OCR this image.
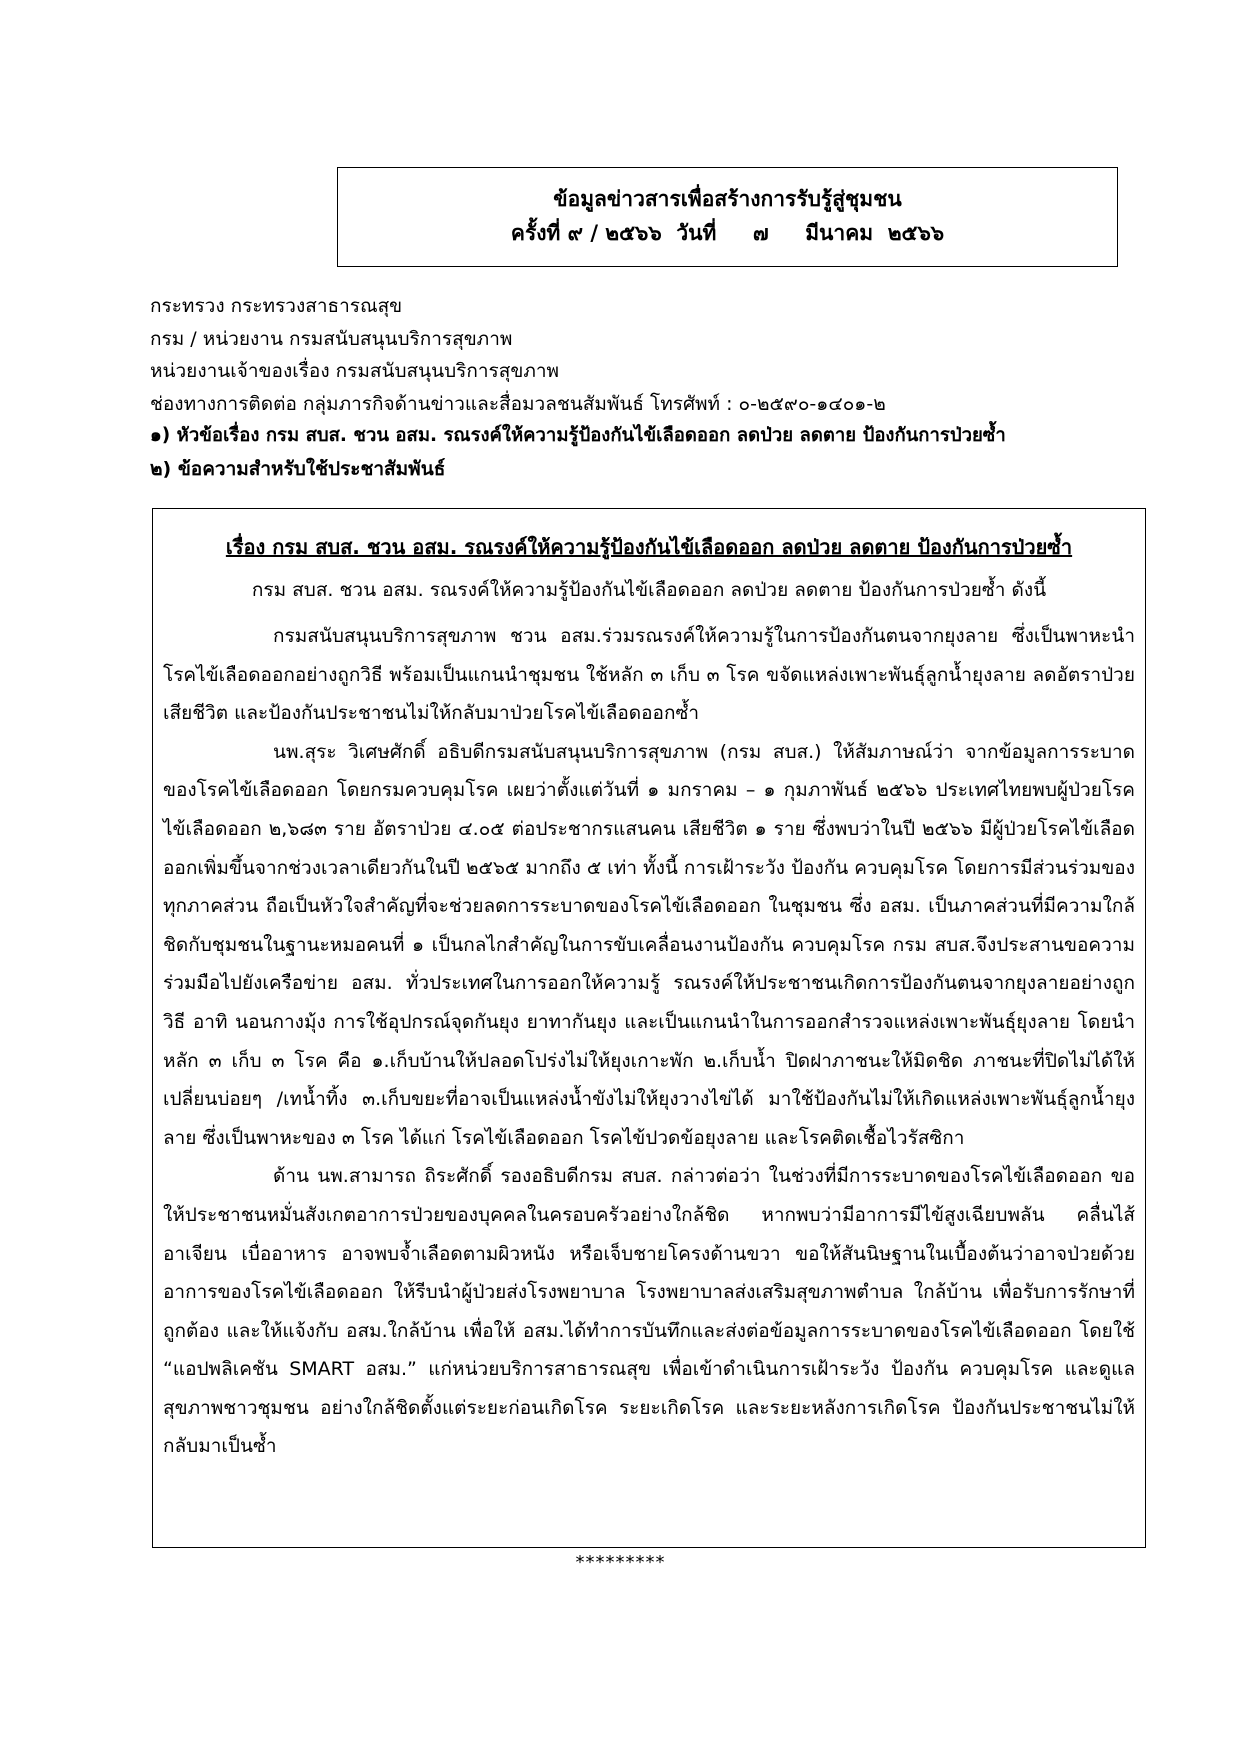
ข้อมูลข่าวสารเพื่อสร้างการรับรู้สู่ชุมชน
ครั้งที่ ๙ / ๒๕๖๖  วันที่     ๗     มีนาคม  ๒๕๖๖
กระทรวง กระทรวงสาธารณสุข
กรม / หน่วยงาน กรมสนับสนุนบริการสุขภาพ
หน่วยงานเจ้าของเรื่อง กรมสนับสนุนบริการสุขภาพ
ช่องทางการติดต่อ กลุ่มภารกิจด้านข่าวและสื่อมวลชนสัมพันธ์ โทรศัพท์ : ๐-๒๕๙๐-๑๔๐๑-๒
๑) หัวข้อเรื่อง กรม สบส. ชวน อสม. รณรงค์ให้ความรู้ป้องกันไข้เลือดออก ลดป่วย ลดตาย ป้องกันการป่วยซ้ำ
๒) ข้อความสำหรับใช้ประชาสัมพันธ์
เรื่อง กรม สบส. ชวน อสม. รณรงค์ให้ความรู้ป้องกันไข้เลือดออก ลดป่วย ลดตาย ป้องกันการป่วยซ้ำ
กรม สบส. ชวน อสม. รณรงค์ให้ความรู้ป้องกันไข้เลือดออก ลดป่วย ลดตาย ป้องกันการป่วยซ้ำ ดังนี้

กรมสนับสนุนบริการสุขภาพ ชวน อสม.ร่วมรณรงค์ให้ความรู้ในการป้องกันตนจากยุงลาย ซึ่งเป็นพาหะนำโรคไข้เลือดออกอย่างถูกวิธี พร้อมเป็นแกนนำชุมชน ใช้หลัก ๓ เก็บ ๓ โรค ขจัดแหล่งเพาะพันธุ์ลูกน้ำยุงลาย ลดอัตราป่วย เสียชีวิต และป้องกันประชาชนไม่ให้กลับมาป่วยโรคไข้เลือดออกซ้ำ

นพ.สุระ วิเศษศักดิ์ อธิบดีกรมสนับสนุนบริการสุขภาพ (กรม สบส.) ให้สัมภาษณ์ว่า จากข้อมูลการระบาดของโรคไข้เลือดออก โดยกรมควบคุมโรค เผยว่าตั้งแต่วันที่ ๑ มกราคม – ๑ กุมภาพันธ์ ๒๕๖๖ ประเทศไทยพบผู้ป่วยโรคไข้เลือดออก ๒,๖๘๓ ราย อัตราป่วย ๔.๐๕ ต่อประชากรแสนคน เสียชีวิต ๑ ราย ซึ่งพบว่าในปี ๒๕๖๖ มีผู้ป่วยโรคไข้เลือดออกเพิ่มขึ้นจากช่วงเวลาเดียวกันในปี ๒๕๖๕ มากถึง ๕ เท่า ทั้งนี้ การเฝ้าระวัง ป้องกัน ควบคุมโรค โดยการมีส่วนร่วมของทุกภาคส่วน ถือเป็นหัวใจสำคัญที่จะช่วยลดการระบาดของโรคไข้เลือดออก ในชุมชน ซึ่ง อสม. เป็นภาคส่วนที่มีความใกล้ชิดกับชุมชนในฐานะหมอคนที่ ๑ เป็นกลไกสำคัญในการขับเคลื่อนงานป้องกัน ควบคุมโรค กรม สบส.จึงประสานขอความร่วมมือไปยังเครือข่าย อสม. ทั่วประเทศในการออกให้ความรู้ รณรงค์ให้ประชาชนเกิดการป้องกันตนจากยุงลายอย่างถูกวิธี อาทิ นอนกางมุ้ง การใช้อุปกรณ์จุดกันยุง ยาทากันยุง และเป็นแกนนำในการออกสำรวจแหล่งเพาะพันธุ์ยุงลาย โดยนำหลัก ๓ เก็บ ๓ โรค คือ ๑.เก็บบ้านให้ปลอดโปร่งไม่ให้ยุงเกาะพัก ๒.เก็บน้ำ ปิดฝาภาชนะให้มิดชิด ภาชนะที่ปิดไม่ได้ให้เปลี่ยนบ่อยๆ /เทน้ำทิ้ง ๓.เก็บขยะที่อาจเป็นแหล่งน้ำขังไม่ให้ยุงวางไข่ได้ มาใช้ป้องกันไม่ให้เกิดแหล่งเพาะพันธุ์ลูกน้ำยุงลาย ซึ่งเป็นพาหะของ ๓ โรค ได้แก่ โรคไข้เลือดออก โรคไข้ปวดข้อยุงลาย และโรคติดเชื้อไวรัสซิกา

ด้าน นพ.สามารถ ถิระศักดิ์ รองอธิบดีกรม สบส. กล่าวต่อว่า ในช่วงที่มีการระบาดของโรคไข้เลือดออก ขอให้ประชาชนหมั่นสังเกตอาการป่วยของบุคคลในครอบครัวอย่างใกล้ชิด หากพบว่ามีอาการมีไข้สูงเฉียบพลัน คลื่นไส้ อาเจียน เบื่ออาหาร อาจพบจ้ำเลือดตามผิวหนัง หรือเจ็บชายโครงด้านขวา ขอให้สันนิษฐานในเบื้องต้นว่าอาจป่วยด้วยอาการของโรคไข้เลือดออก ให้รีบนำผู้ป่วยส่งโรงพยาบาล โรงพยาบาลส่งเสริมสุขภาพตำบล ใกล้บ้าน เพื่อรับการรักษาที่ถูกต้อง และให้แจ้งกับ อสม.ใกล้บ้าน เพื่อให้ อสม.ได้ทำการบันทึกและส่งต่อข้อมูลการระบาดของโรคไข้เลือดออก โดยใช้ “แอปพลิเคชัน SMART อสม.” แก่หน่วยบริการสาธารณสุข เพื่อเข้าดำเนินการเฝ้าระวัง ป้องกัน ควบคุมโรค และดูแลสุขภาพชาวชุมชน อย่างใกล้ชิดตั้งแต่ระยะก่อนเกิดโรค ระยะเกิดโรค และระยะหลังการเกิดโรค ป้องกันประชาชนไม่ให้กลับมาเป็นซ้ำ

*********
